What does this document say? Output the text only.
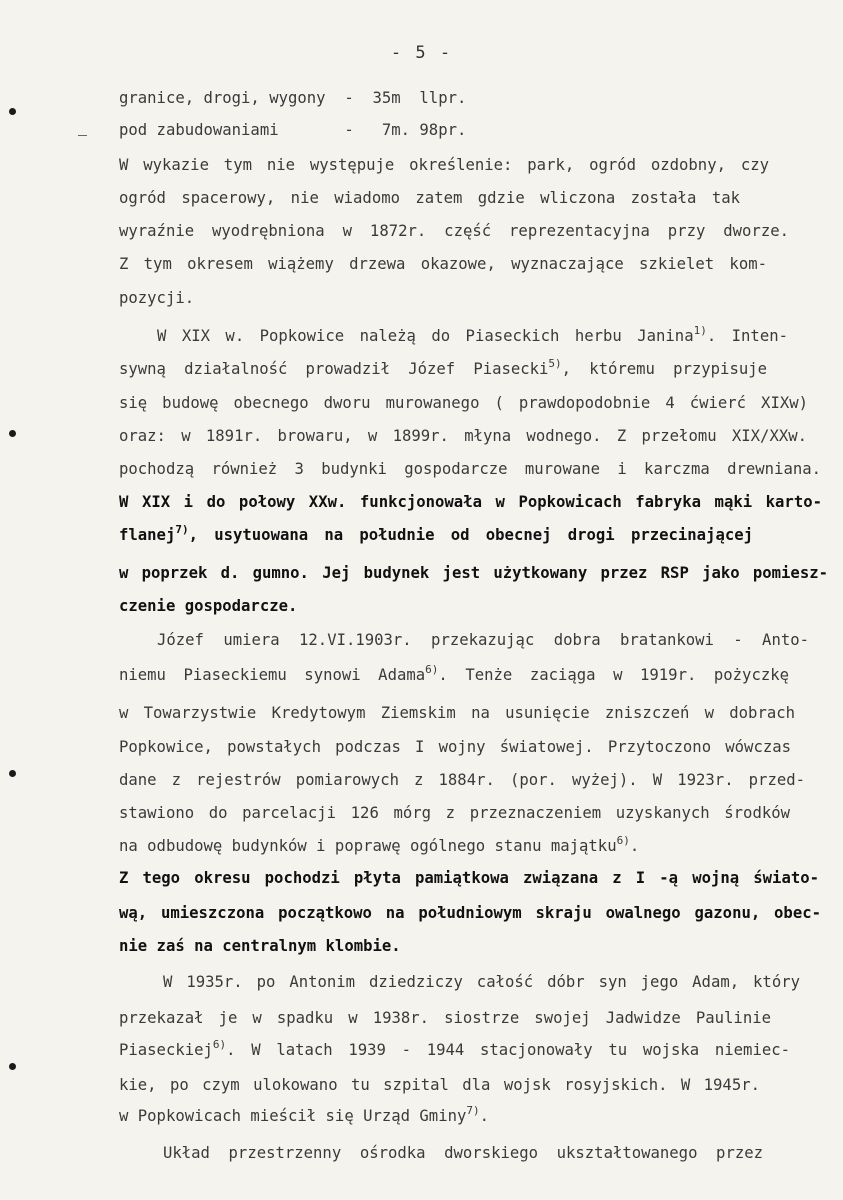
- 5 -
granice, drogi, wygony  -  35m  llpr.
pod zabudowaniami       -   7m. 98pr.
W wykazie tym nie występuje określenie: park, ogród ozdobny, czy
ogród spacerowy, nie wiadomo zatem gdzie wliczona została tak
wyraźnie wyodrębniona w 1872r. część reprezentacyjna przy dworze.
Z tym okresem wiążemy drzewa okazowe, wyznaczające szkielet kom-
pozycji.
W XIX w. Popkowice należą do Piaseckich herbu Janina$^{1)}$. Inten-
sywną działalność prowadził Józef Piasecki$^{5)}$, któremu przypisuje
się budowę obecnego dworu murowanego ( prawdopodobnie 4 ćwierć XIXw)
oraz: w 1891r. browaru, w 1899r. młyna wodnego. Z przełomu XIX/XXw.
pochodzą również 3 budynki gospodarcze murowane i karczma drewniana.
W XIX i do połowy XXw. funkcjonowała w Popkowicach fabryka mąki karto-
flanej$^{7)}$, usytuowana na południe od obecnej drogi przecinającej
w poprzek d. gumno. Jej budynek jest użytkowany przez RSP jako pomiesz-
czenie gospodarcze.
Józef umiera 12.VI.1903r. przekazując dobra bratankowi - Anto-
niemu Piaseckiemu synowi Adama$^{6)}$. Tenże zaciąga w 1919r. pożyczkę
w Towarzystwie Kredytowym Ziemskim na usunięcie zniszczeń w dobrach
Popkowice, powstałych podczas I wojny światowej. Przytoczono wówczas
dane z rejestrów pomiarowych z 1884r. (por. wyżej). W 1923r. przed-
stawiono do parcelacji 126 mórg z przeznaczeniem uzyskanych środków
na odbudowę budynków i poprawę ogólnego stanu majątku$^{6)}$.
Z tego okresu pochodzi płyta pamiątkowa związana z I -ą wojną świato-
wą, umieszczona początkowo na południowym skraju owalnego gazonu, obec-
nie zaś na centralnym klombie.
W 1935r. po Antonim dziedziczy całość dóbr syn jego Adam, który
przekazał je w spadku w 1938r. siostrze swojej Jadwidze Paulinie
Piaseckiej$^{6)}$. W latach 1939 - 1944 stacjonowały tu wojska niemiec-
kie, po czym ulokowano tu szpital dla wojsk rosyjskich. W 1945r.
w Popkowicach mieścił się Urząd Gminy$^{7)}$.
Układ przestrzenny ośrodka dworskiego ukształtowanego przez
